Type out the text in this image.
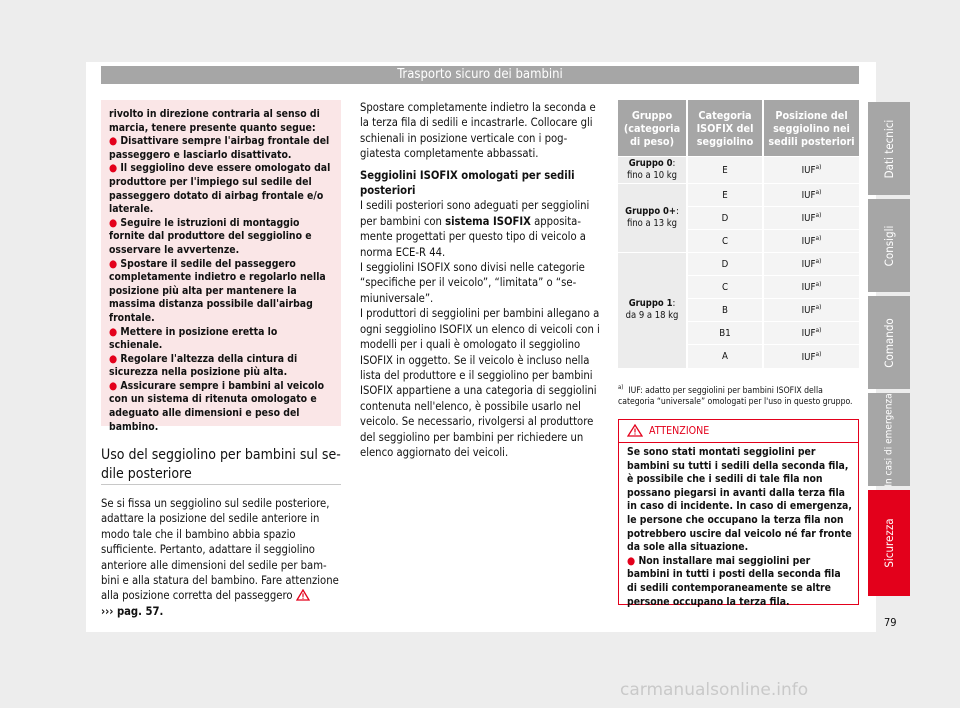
Trasporto sicuro dei bambini

rivolto in direzione contraria al senso di marcia, tenere presente quanto segue:

● Disattivare sempre l'airbag frontale del passeggero e lasciarlo disattivato.
● Il seggiolino deve essere omologato dal produttore per l'impiego sul sedile del passeggero dotato di airbag frontale e/o laterale.
● Seguire le istruzioni di montaggio fornite dal produttore del seggiolino e osservare le avvertenze.
● Spostare il sedile del passeggero completamente indietro e regolarlo nella posizione più alta per mantenere la massima distanza possibile dall'airbag frontale.
● Mettere in posizione eretta lo schienale.
● Regolare l'altezza della cintura di sicurezza nella posizione più alta.
● Assicurare sempre i bambini al veicolo con un sistema di ritenuta omologato e adeguato alle dimensioni e peso del bambino.
Uso del seggiolino per bambini sul sedile posteriore

Se si fissa un seggiolino sul sedile posteriore, adattare la posizione del sedile anteriore in modo tale che il bambino abbia spazio sufficiente. Pertanto, adattare il seggiolino anteriore alle dimensioni del sedile per bambini e alla statura del bambino. Fare attenzione alla posizione corretta del passeggero
››› pag. 57.

Spostare completamente indietro la seconda e la terza fila di sedili e incastrarle. Collocare gli schienali in posizione verticale con i poggiatesta completamente abbassati.

Seggiolini ISOFIX omologati per sedili posteriori

I sedili posteriori sono adeguati per seggiolini per bambini con sistema ISOFIX appositamente progettati per questo tipo di veicolo a norma ECE-R 44.

I seggiolini ISOFIX sono divisi nelle categorie “specifiche per il veicolo”, “limitata” o “semiuniversale”.

I produttori di seggiolini per bambini allegano a ogni seggiolino ISOFIX un elenco di veicoli con i modelli per i quali è omologato il seggiolino ISOFIX in oggetto. Se il veicolo è incluso nella lista del produttore e il seggiolino per bambini ISOFIX appartiene a una categoria di seggiolini contenuta nell'elenco, è possibile usarlo nel veicolo. Se necessario, rivolgersi al produttore del seggiolino per bambini per richiedere un elenco aggiornato dei veicoli.

Gruppo (categoria di peso)	Categoria ISOFIX del seggiolino	Posizione del seggiolino nei sedili posteriori
Gruppo 0:
fino a 10 kg	E	IUF$^{a)}$
Gruppo 0+:
fino a 13 kg	E	IUF$^{a)}$
	D	IUF$^{a)}$
	C	IUF$^{a)}$
Gruppo 1:
da 9 a 18 kg	D	IUF$^{a)}$
	C	IUF$^{a)}$
	B	IUF$^{a)}$
	B1	IUF$^{a)}$
	A	IUF$^{a)}$
$^{a)}$ IUF: adatto per seggiolini per bambini ISOFIX della categoria “universale” omologati per l'uso in questo gruppo.
ATTENZIONE

Se sono stati montati seggiolini per bambini su tutti i sedili della seconda fila, è possibile che i sedili di tale fila non possano piegarsi in avanti dalla terza fila in caso di incidente. In caso di emergenza, le persone che occupano la terza fila non potrebbero uscire dal veicolo né far fronte da sole alla situazione.

● Non installare mai seggiolini per bambini in tutti i posti della seconda fila di sedili contemporaneamente se altre persone occupano la terza fila.

Dati tecnici
Consigli
Comando
In casi di emergenza
Sicurezza
79
carmanualsonline.info
